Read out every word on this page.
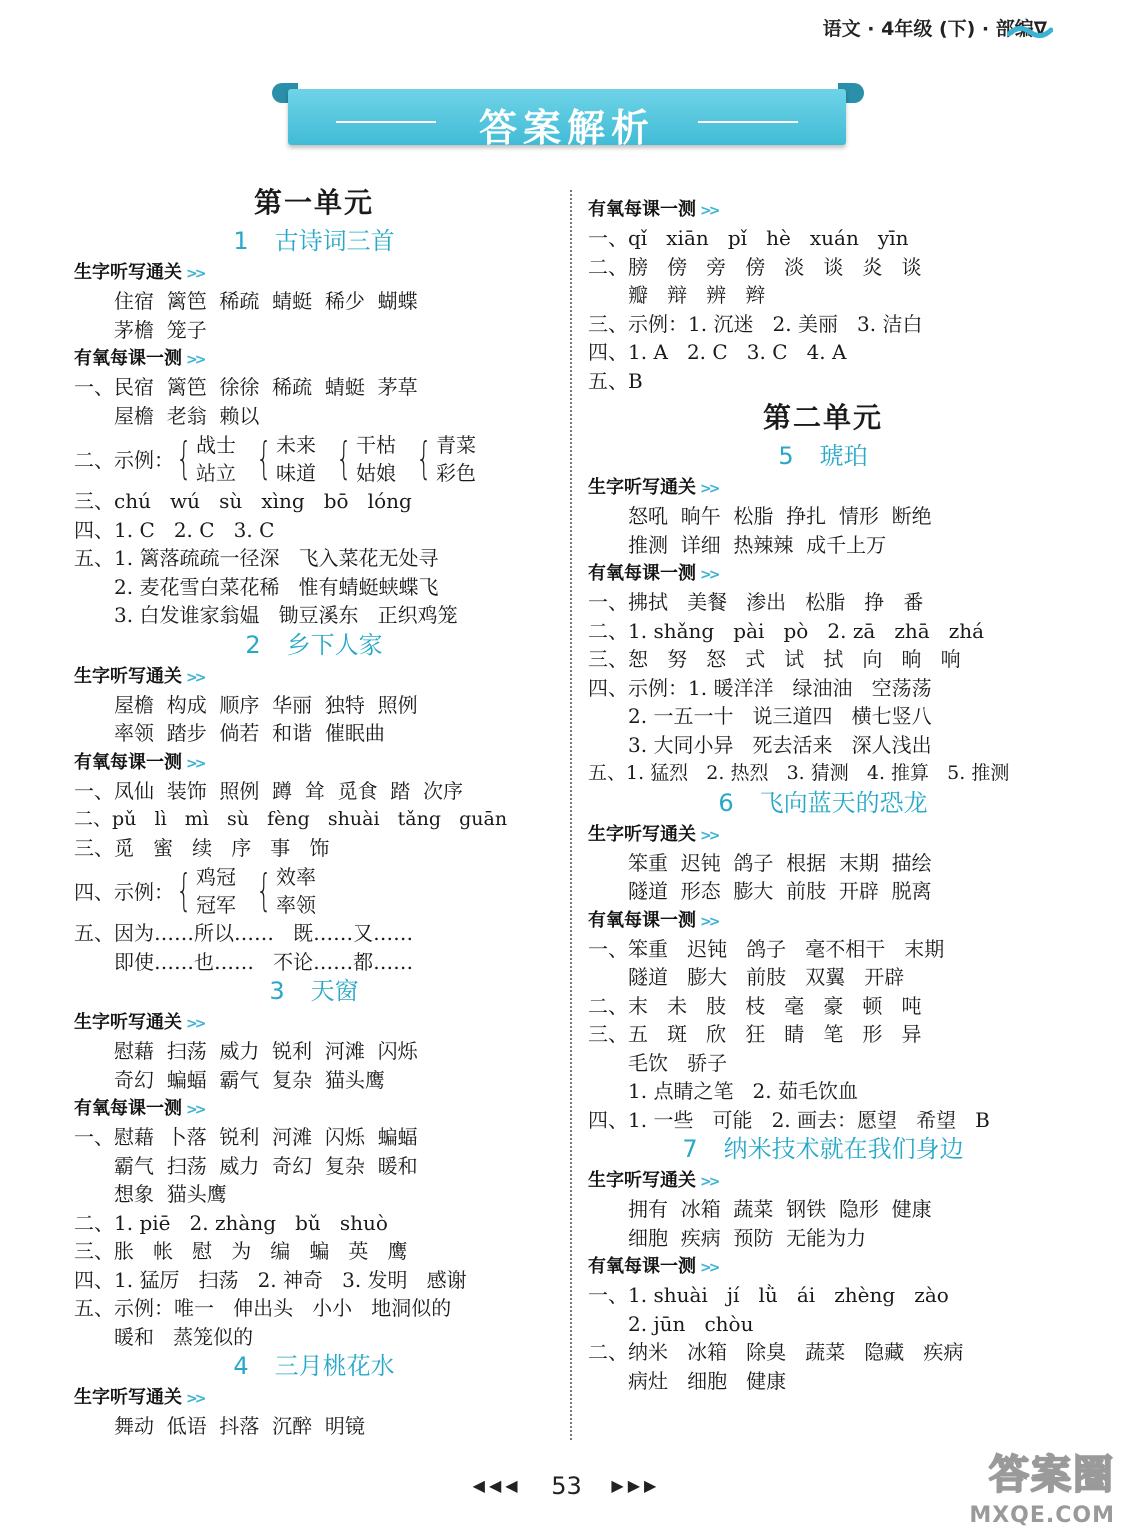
语文 · 4年级 (下) · 部编∇
答案解析
第一单元
1 古诗词三首
生字听写通关 >>
住宿  篱笆  稀疏  蜻蜓  稀少  蝴蝶
茅檐  笼子
有氧每课一测 >>
一、民宿  篱笆  徐徐  稀疏  蜻蜓  茅草
屋檐  老翁  赖以
二、示例： { 战士
站立 { 未来
味道 { 干枯
姑娘 { 青菜
彩色
三、chú   wú   sù   xìng   bō   lóng
四、1. C   2. C   3. C
五、1. 篱落疏疏一径深   飞入菜花无处寻
2. 麦花雪白菜花稀   惟有蜻蜓蛱蝶飞
3. 白发谁家翁媪   锄豆溪东   正织鸡笼
2 乡下人家
生字听写通关 >>
屋檐  构成  顺序  华丽  独特  照例
率领  踏步  倘若  和谐  催眠曲
有氧每课一测 >>
一、凤仙  装饰  照例  蹲  耸  觅食  踏  次序
二、pǔ   lì   mì   sù   fèng   shuài   tǎng   guān
三、觅   蜜   续   序   事   饰
四、示例： { 鸡冠
冠军 { 效率
率领
五、因为……所以……   既……又……
即使……也……   不论……都……
3 天窗
生字听写通关 >>
慰藉  扫荡  威力  锐利  河滩  闪烁
奇幻  蝙蝠  霸气  复杂  猫头鹰
有氧每课一测 >>
一、慰藉  卜落  锐利  河滩  闪烁  蝙蝠
霸气  扫荡  威力  奇幻  复杂  暖和
想象  猫头鹰
二、1. piē   2. zhàng   bǔ   shuò
三、胀   帐   慰   为   编   蝙   英   鹰
四、1. 猛厉   扫荡   2. 神奇   3. 发明   感谢
五、示例：唯一   伸出头   小小   地洞似的
暖和   蒸笼似的
4 三月桃花水
生字听写通关 >>
舞动  低语  抖落  沉醉  明镜
有氧每课一测 >>
一、qǐ   xiān   pǐ   hè   xuán   yīn
二、膀   傍   旁   傍   淡   谈   炎   谈
瓣   辩   辨   辫
三、示例：1. 沉迷   2. 美丽   3. 洁白
四、1. A   2. C   3. C   4. A
五、B
第二单元
5 琥珀
生字听写通关 >>
怒吼  晌午  松脂  挣扎  情形  断绝
推测  详细  热辣辣  成千上万
有氧每课一测 >>
一、拂拭   美餐   渗出   松脂   挣   番
二、1. shǎng   pài   pò   2. zā   zhā   zhá
三、恕   努   怒   式   试   拭   向   晌   响
四、示例：1. 暖洋洋   绿油油   空荡荡
2. 一五一十   说三道四   横七竖八
3. 大同小异   死去活来   深人浅出
五、1. 猛烈   2. 热烈   3. 猜测   4. 推算   5. 推测
6 飞向蓝天的恐龙
生字听写通关 >>
笨重  迟钝  鸽子  根据  末期  描绘
隧道  形态  膨大  前肢  开辟  脱离
有氧每课一测 >>
一、笨重   迟钝   鸽子   毫不相干   末期
隧道   膨大   前肢   双翼   开辟
二、末   未   肢   枝   毫   豪   顿   吨
三、五   斑   欣   狂   睛   笔   形   异
毛饮   骄子
1. 点睛之笔   2. 茹毛饮血
四、1. 一些   可能   2. 画去：愿望   希望   B
7 纳米技术就在我们身边
生字听写通关 >>
拥有  冰箱  蔬菜  钢铁  隐形  健康
细胞  疾病  预防  无能为力
有氧每课一测 >>
一、1. shuài   jí   lǜ   ái   zhèng   zào
2. jūn   chòu
二、纳米   冰箱   除臭   蔬菜   隐藏   疾病
病灶   细胞   健康
◀◀◀ 53 ▶▶▶	答案圈
MXQE.COM
